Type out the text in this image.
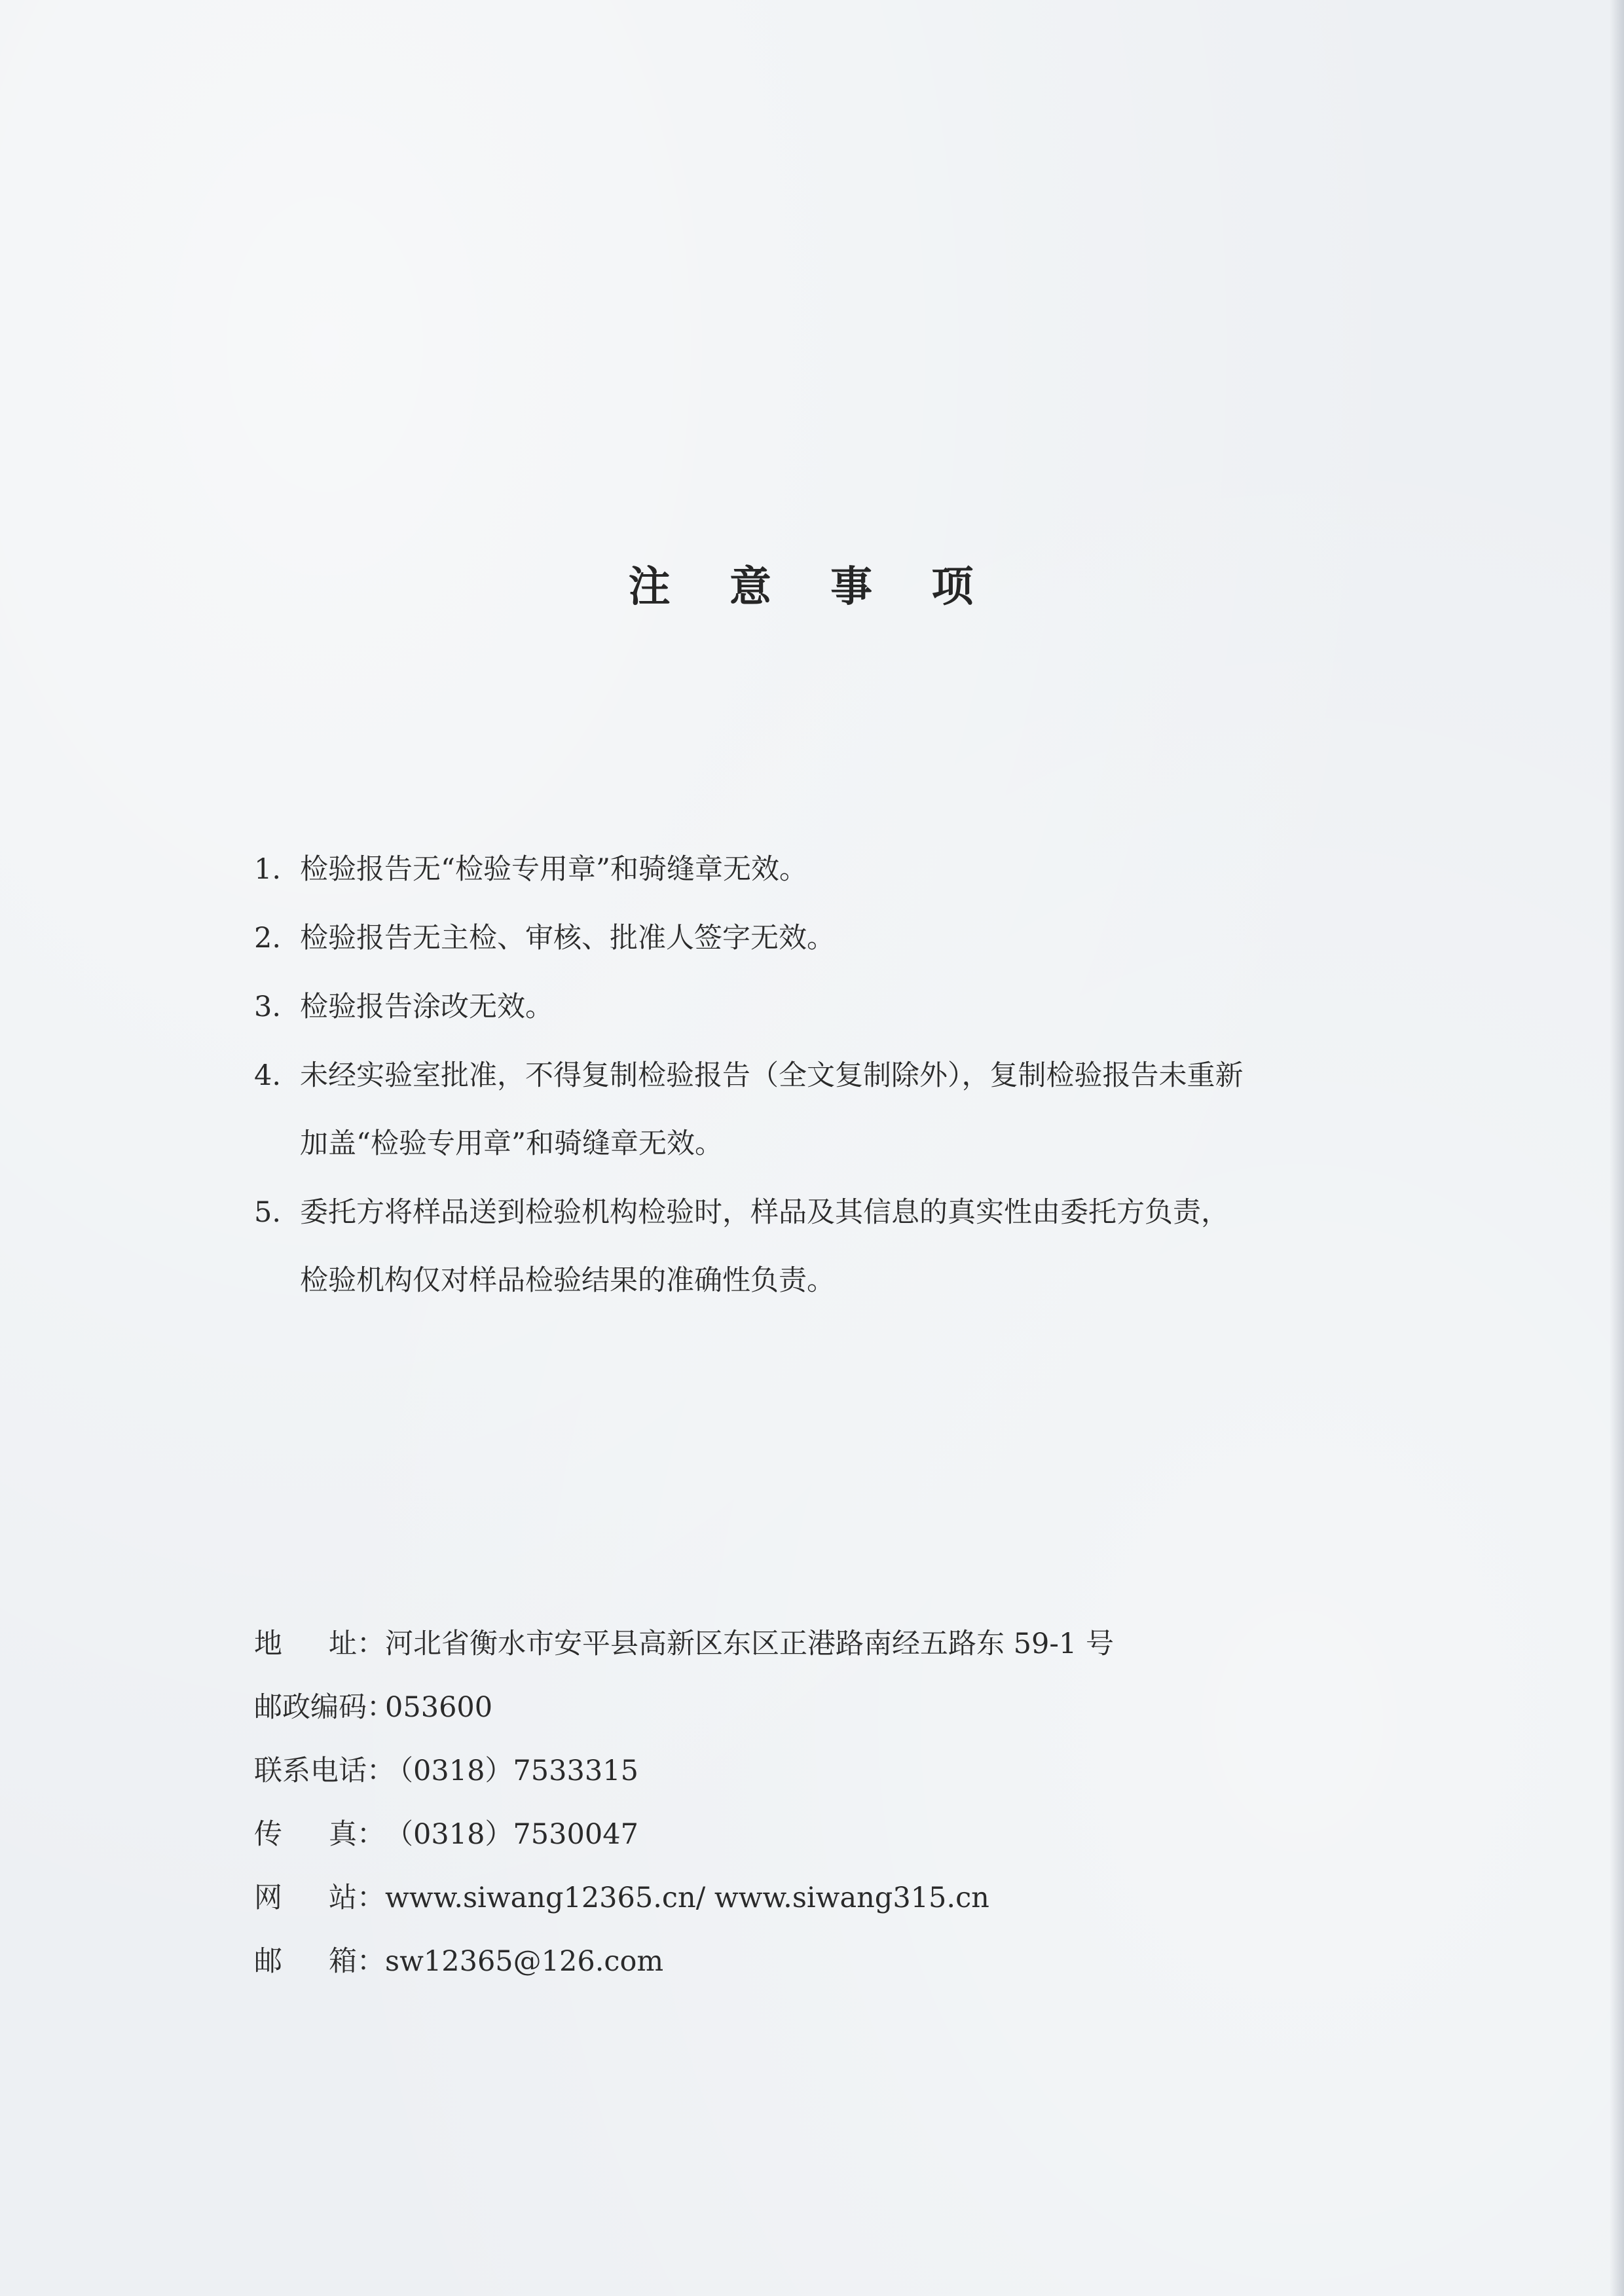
注 意 事 项
1. 检验报告无“检验专用章”和骑缝章无效。
2. 检验报告无主检、审核、批准人签字无效。
3. 检验报告涂改无效。
4. 未经实验室批准，不得复制检验报告（全文复制除外），复制检验报告未重新
加盖“检验专用章”和骑缝章无效。
5. 委托方将样品送到检验机构检验时，样品及其信息的真实性由委托方负责，
检验机构仅对样品检验结果的准确性负责。
地 址： 河北省衡水市安平县高新区东区正港路南经五路东 59-1 号
邮政编码：053600
联系电话：（0318）7533315
传 真： （0318）7530047
网 站： www.siwang12365.cn/ www.siwang315.cn
邮 箱： sw12365@126.com
